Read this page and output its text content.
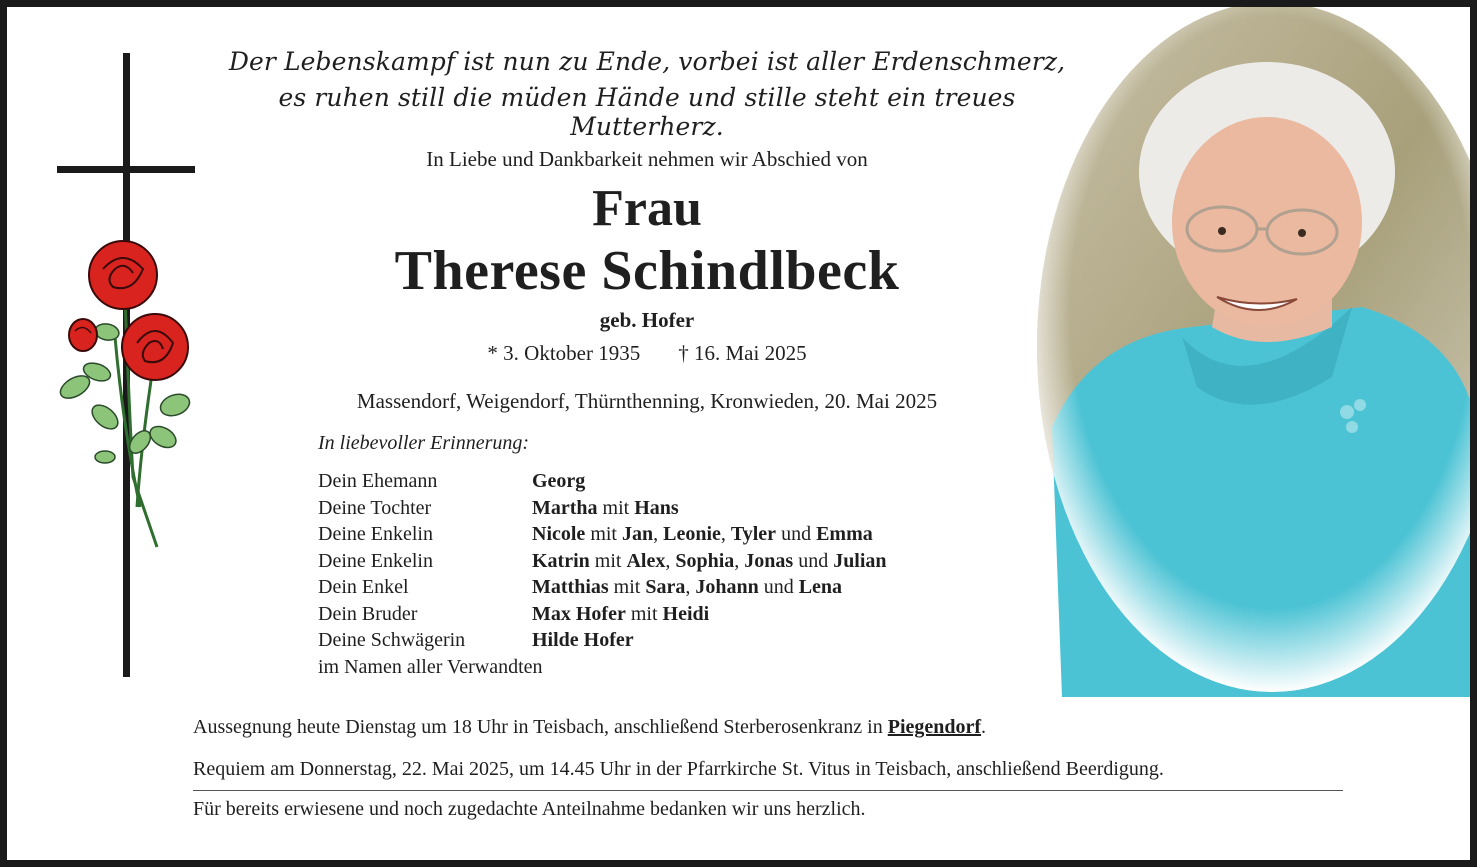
Der Lebenskampf ist nun zu Ende, vorbei ist aller Erdenschmerz,
es ruhen still die müden Hände und stille steht ein treues Mutterherz.
In Liebe und Dankbarkeit nehmen wir Abschied von
Frau
Therese Schindlbeck
geb. Hofer
* 3. Oktober 1935 † 16. Mai 2025
Massendorf, Weigendorf, Thürnthenning, Kronwieden, 20. Mai 2025
In liebevoller Erinnerung:
Dein Ehemann	Georg
Deine Tochter	Martha mit Hans
Deine Enkelin	Nicole mit Jan, Leonie, Tyler und Emma
Deine Enkelin	Katrin mit Alex, Sophia, Jonas und Julian
Dein Enkel	Matthias mit Sara, Johann und Lena
Dein Bruder	Max Hofer mit Heidi
Deine Schwägerin	Hilde Hofer
im Namen aller Verwandten
Aussegnung heute Dienstag um 18 Uhr in Teisbach, anschließend Sterberosenkranz in Piegendorf.
Requiem am Donnerstag, 22. Mai 2025, um 14.45 Uhr in der Pfarrkirche St. Vitus in Teisbach, anschließend Beerdigung.
Für bereits erwiesene und noch zugedachte Anteilnahme bedanken wir uns herzlich.
